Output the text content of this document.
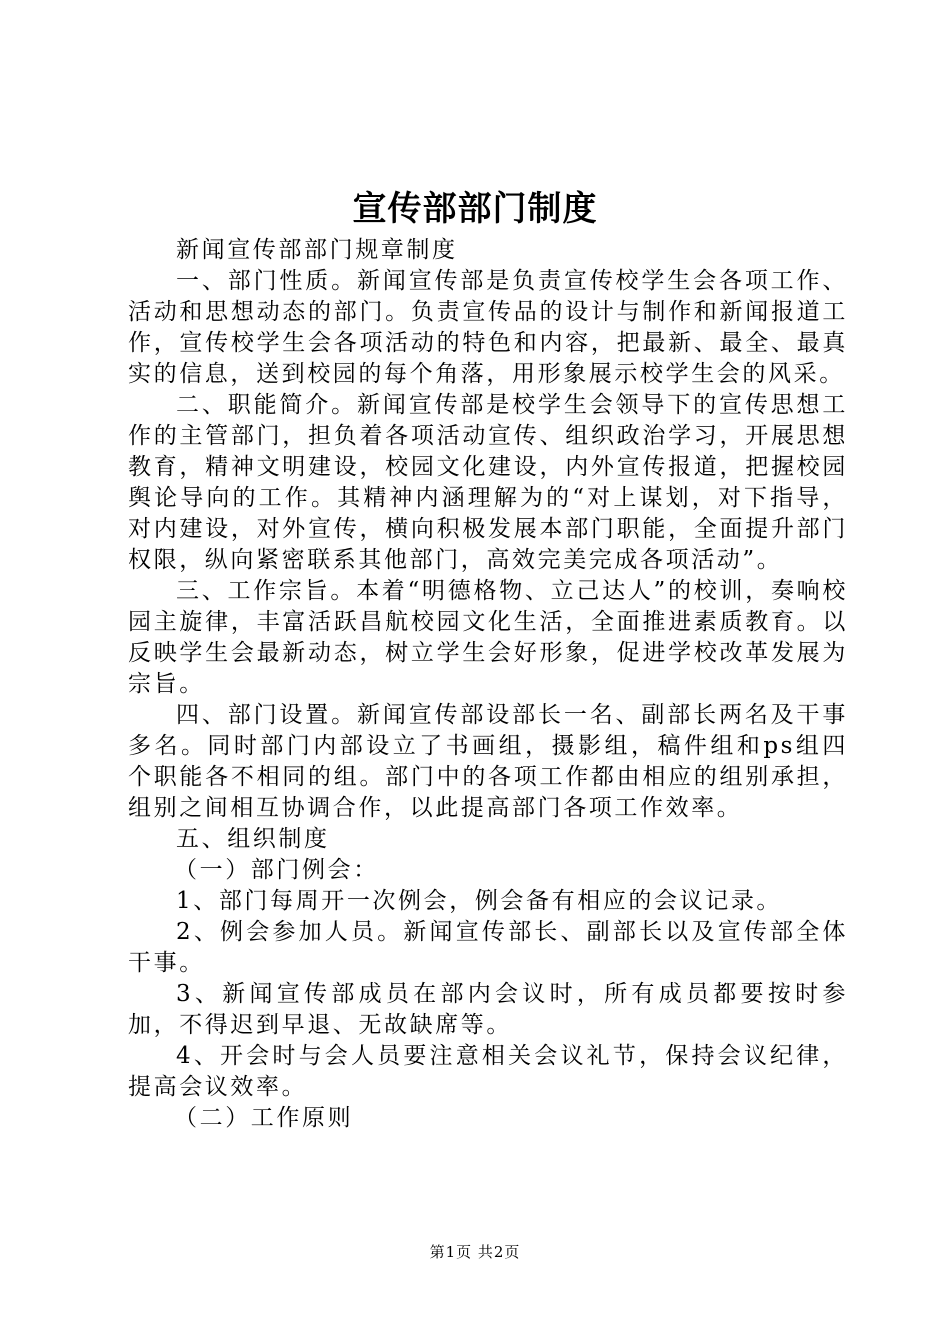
宣传部部门制度

新闻宣传部部门规章制度

一、部门性质。新闻宣传部是负责宣传校学生会各项工作、活动和思想动态的部门。负责宣传品的设计与制作和新闻报道工作，宣传校学生会各项活动的特色和内容，把最新、最全、最真实的信息，送到校园的每个角落，用形象展示校学生会的风采。

二、职能简介。新闻宣传部是校学生会领导下的宣传思想工作的主管部门，担负着各项活动宣传、组织政治学习，开展思想教育，精神文明建设，校园文化建设，内外宣传报道，把握校园舆论导向的工作。其精神内涵理解为的“对上谋划，对下指导，对内建设，对外宣传，横向积极发展本部门职能，全面提升部门权限，纵向紧密联系其他部门，高效完美完成各项活动”。

三、工作宗旨。本着“明德格物、立己达人”的校训，奏响校园主旋律，丰富活跃昌航校园文化生活，全面推进素质教育。以反映学生会最新动态，树立学生会好形象，促进学校改革发展为宗旨。

四、部门设置。新闻宣传部设部长一名、副部长两名及干事多名。同时部门内部设立了书画组，摄影组，稿件组和ps组四个职能各不相同的组。部门中的各项工作都由相应的组别承担，组别之间相互协调合作，以此提高部门各项工作效率。

五、组织制度

（一）部门例会：

1、部门每周开一次例会，例会备有相应的会议记录。

2、例会参加人员。新闻宣传部长、副部长以及宣传部全体干事。

3、新闻宣传部成员在部内会议时，所有成员都要按时参加，不得迟到早退、无故缺席等。

4、开会时与会人员要注意相关会议礼节，保持会议纪律，提高会议效率。

（二）工作原则

第1页 共2页
